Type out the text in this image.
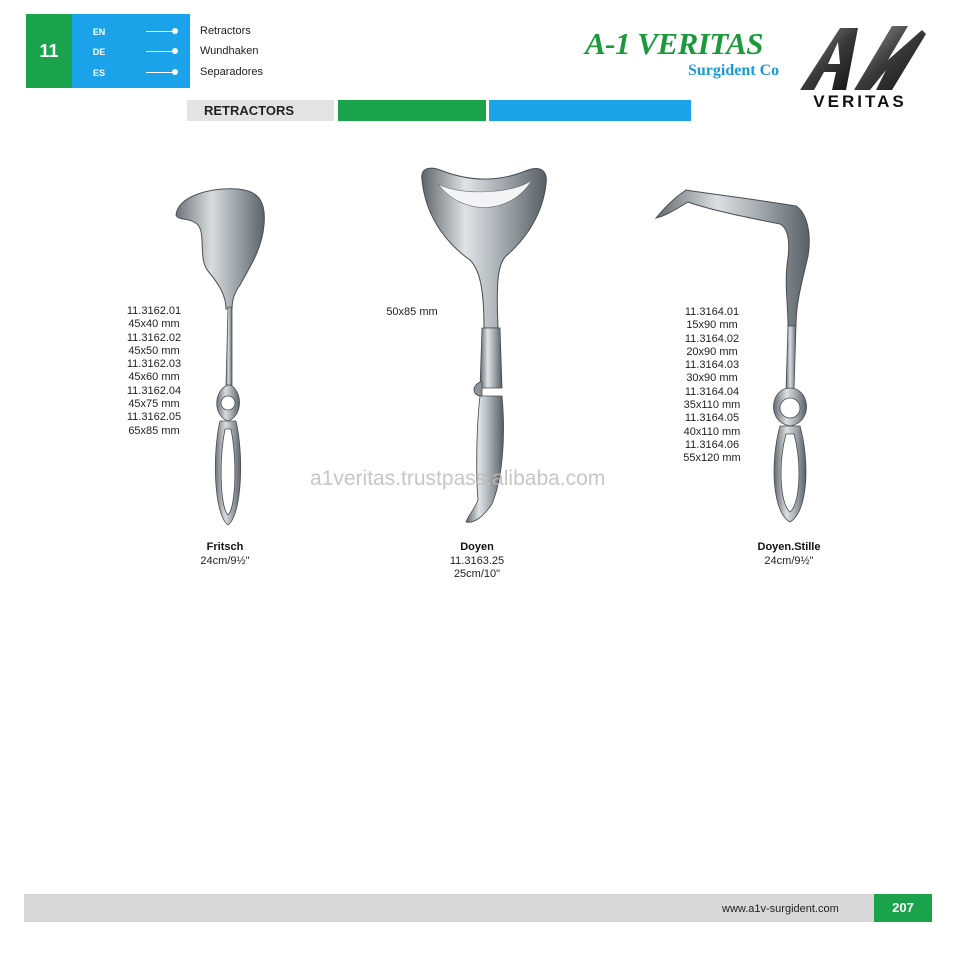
11
EN
DE
ES
Retractors
Wundhaken
Separadores
A-1 VERITAS
Surgident Co
VERITAS
RETRACTORS
11.3162.01
45x40 mm
11.3162.02
45x50 mm
11.3162.03
45x60 mm
11.3162.04
45x75 mm
11.3162.05
65x85 mm
Fritsch
24cm/9½"
50x85 mm
Doyen
11.3163.25
25cm/10"
11.3164.01
15x90 mm
11.3164.02
20x90 mm
11.3164.03
30x90 mm
11.3164.04
35x110 mm
11.3164.05
40x110 mm
11.3164.06
55x120 mm
Doyen.Stille
24cm/9½"
a1veritas.trustpass.alibaba.com
www.a1v-surgident.com	207
